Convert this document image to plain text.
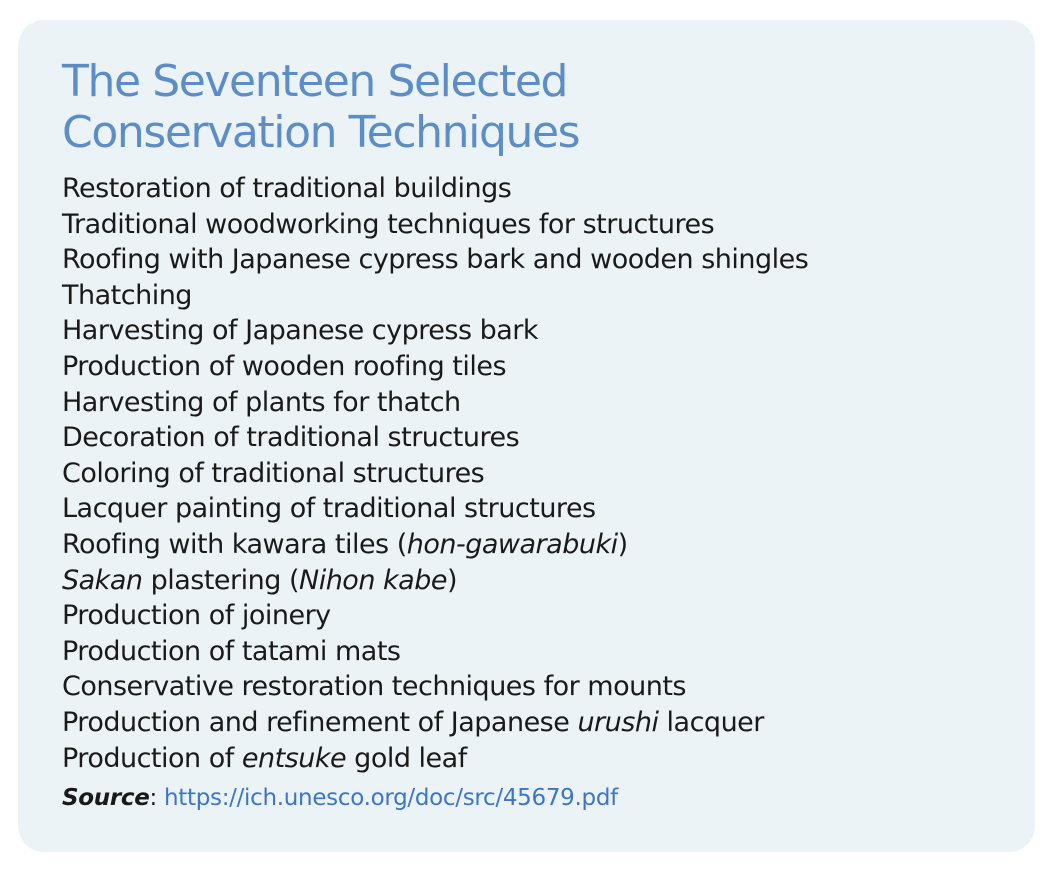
The Seventeen Selected
Conservation Techniques
Restoration of traditional buildings
Traditional woodworking techniques for structures
Roofing with Japanese cypress bark and wooden shingles
Thatching
Harvesting of Japanese cypress bark
Production of wooden roofing tiles
Harvesting of plants for thatch
Decoration of traditional structures
Coloring of traditional structures
Lacquer painting of traditional structures
Roofing with kawara tiles (hon-gawarabuki)
Sakan plastering (Nihon kabe)
Production of joinery
Production of tatami mats
Conservative restoration techniques for mounts
Production and refinement of Japanese urushi lacquer
Production of entsuke gold leaf

Source: https://ich.unesco.org/doc/src/45679.pdf
